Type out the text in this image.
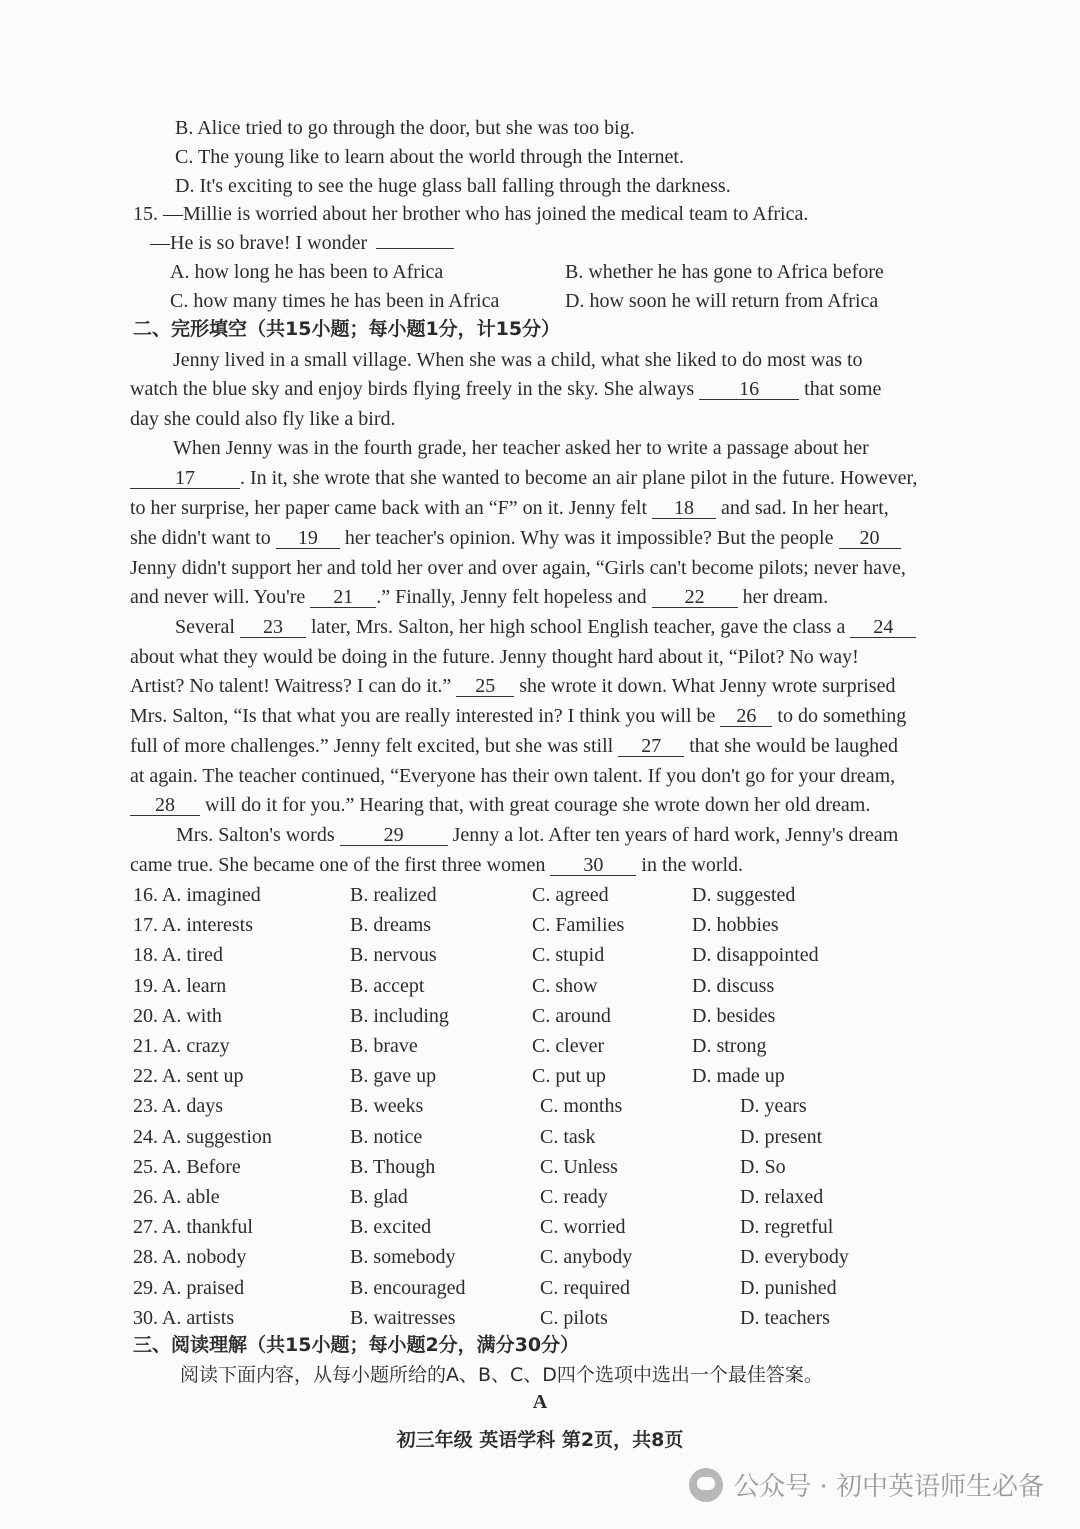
B. Alice tried to go through the door, but she was too big.
C. The young like to learn about the world through the Internet.
D. It's exciting to see the huge glass ball falling through the darkness.
15. —Millie is worried about her brother who has joined the medical team to Africa.
—He is so brave! I wonder
A. how long he has been to Africa	B. whether he has gone to Africa before
C. how many times he has been in Africa	D. how soon he will return from Africa
二、完形填空（共15小题；每小题1分，计15分）
Jenny lived in a small village. When she was a child, what she liked to do most was to
watch the blue sky and enjoy birds flying freely in the sky. She always 16 that some
day she could also fly like a bird.
When Jenny was in the fourth grade, her teacher asked her to write a passage about her
17 . In it, she wrote that she wanted to become an air plane pilot in the future. However,
to her surprise, her paper came back with an “F” on it. Jenny felt 18 and sad. In her heart,
she didn't want to 19 her teacher's opinion. Why was it impossible? But the people 20
Jenny didn't support her and told her over and over again, “Girls can't become pilots; never have,
and never will. You're 21 .” Finally, Jenny felt hopeless and 22 her dream.
Several 23 later, Mrs. Salton, her high school English teacher, gave the class a 24
about what they would be doing in the future. Jenny thought hard about it, “Pilot? No way!
Artist? No talent! Waitress? I can do it.” 25 she wrote it down. What Jenny wrote surprised
Mrs. Salton, “Is that what you are really interested in? I think you will be 26 to do something
full of more challenges.” Jenny felt excited, but she was still 27 that she would be laughed
at again. The teacher continued, “Everyone has their own talent. If you don't go for your dream,
28 will do it for you.” Hearing that, with great courage she wrote down her old dream.
Mrs. Salton's words 29 Jenny a lot. After ten years of hard work, Jenny's dream
came true. She became one of the first three women 30 in the world.
16. A. imagined	B. realized	C. agreed	D. suggested
17. A. interests	B. dreams	C. Families	D. hobbies
18. A. tired	B. nervous	C. stupid	D. disappointed
19. A. learn	B. accept	C. show	D. discuss
20. A. with	B. including	C. around	D. besides
21. A. crazy	B. brave	C. clever	D. strong
22. A. sent up	B. gave up	C. put up	D. made up
23. A. days	B. weeks	C. months	D. years
24. A. suggestion	B. notice	C. task	D. present
25. A. Before	B. Though	C. Unless	D. So
26. A. able	B. glad	C. ready	D. relaxed
27. A. thankful	B. excited	C. worried	D. regretful
28. A. nobody	B. somebody	C. anybody	D. everybody
29. A. praised	B. encouraged	C. required	D. punished
30. A. artists	B. waitresses	C. pilots	D. teachers
三、阅读理解（共15小题；每小题2分，满分30分）
阅读下面内容，从每小题所给的A、B、C、D四个选项中选出一个最佳答案。
A
初三年级 英语学科 第2页，共8页
公众号 · 初中英语师生必备
